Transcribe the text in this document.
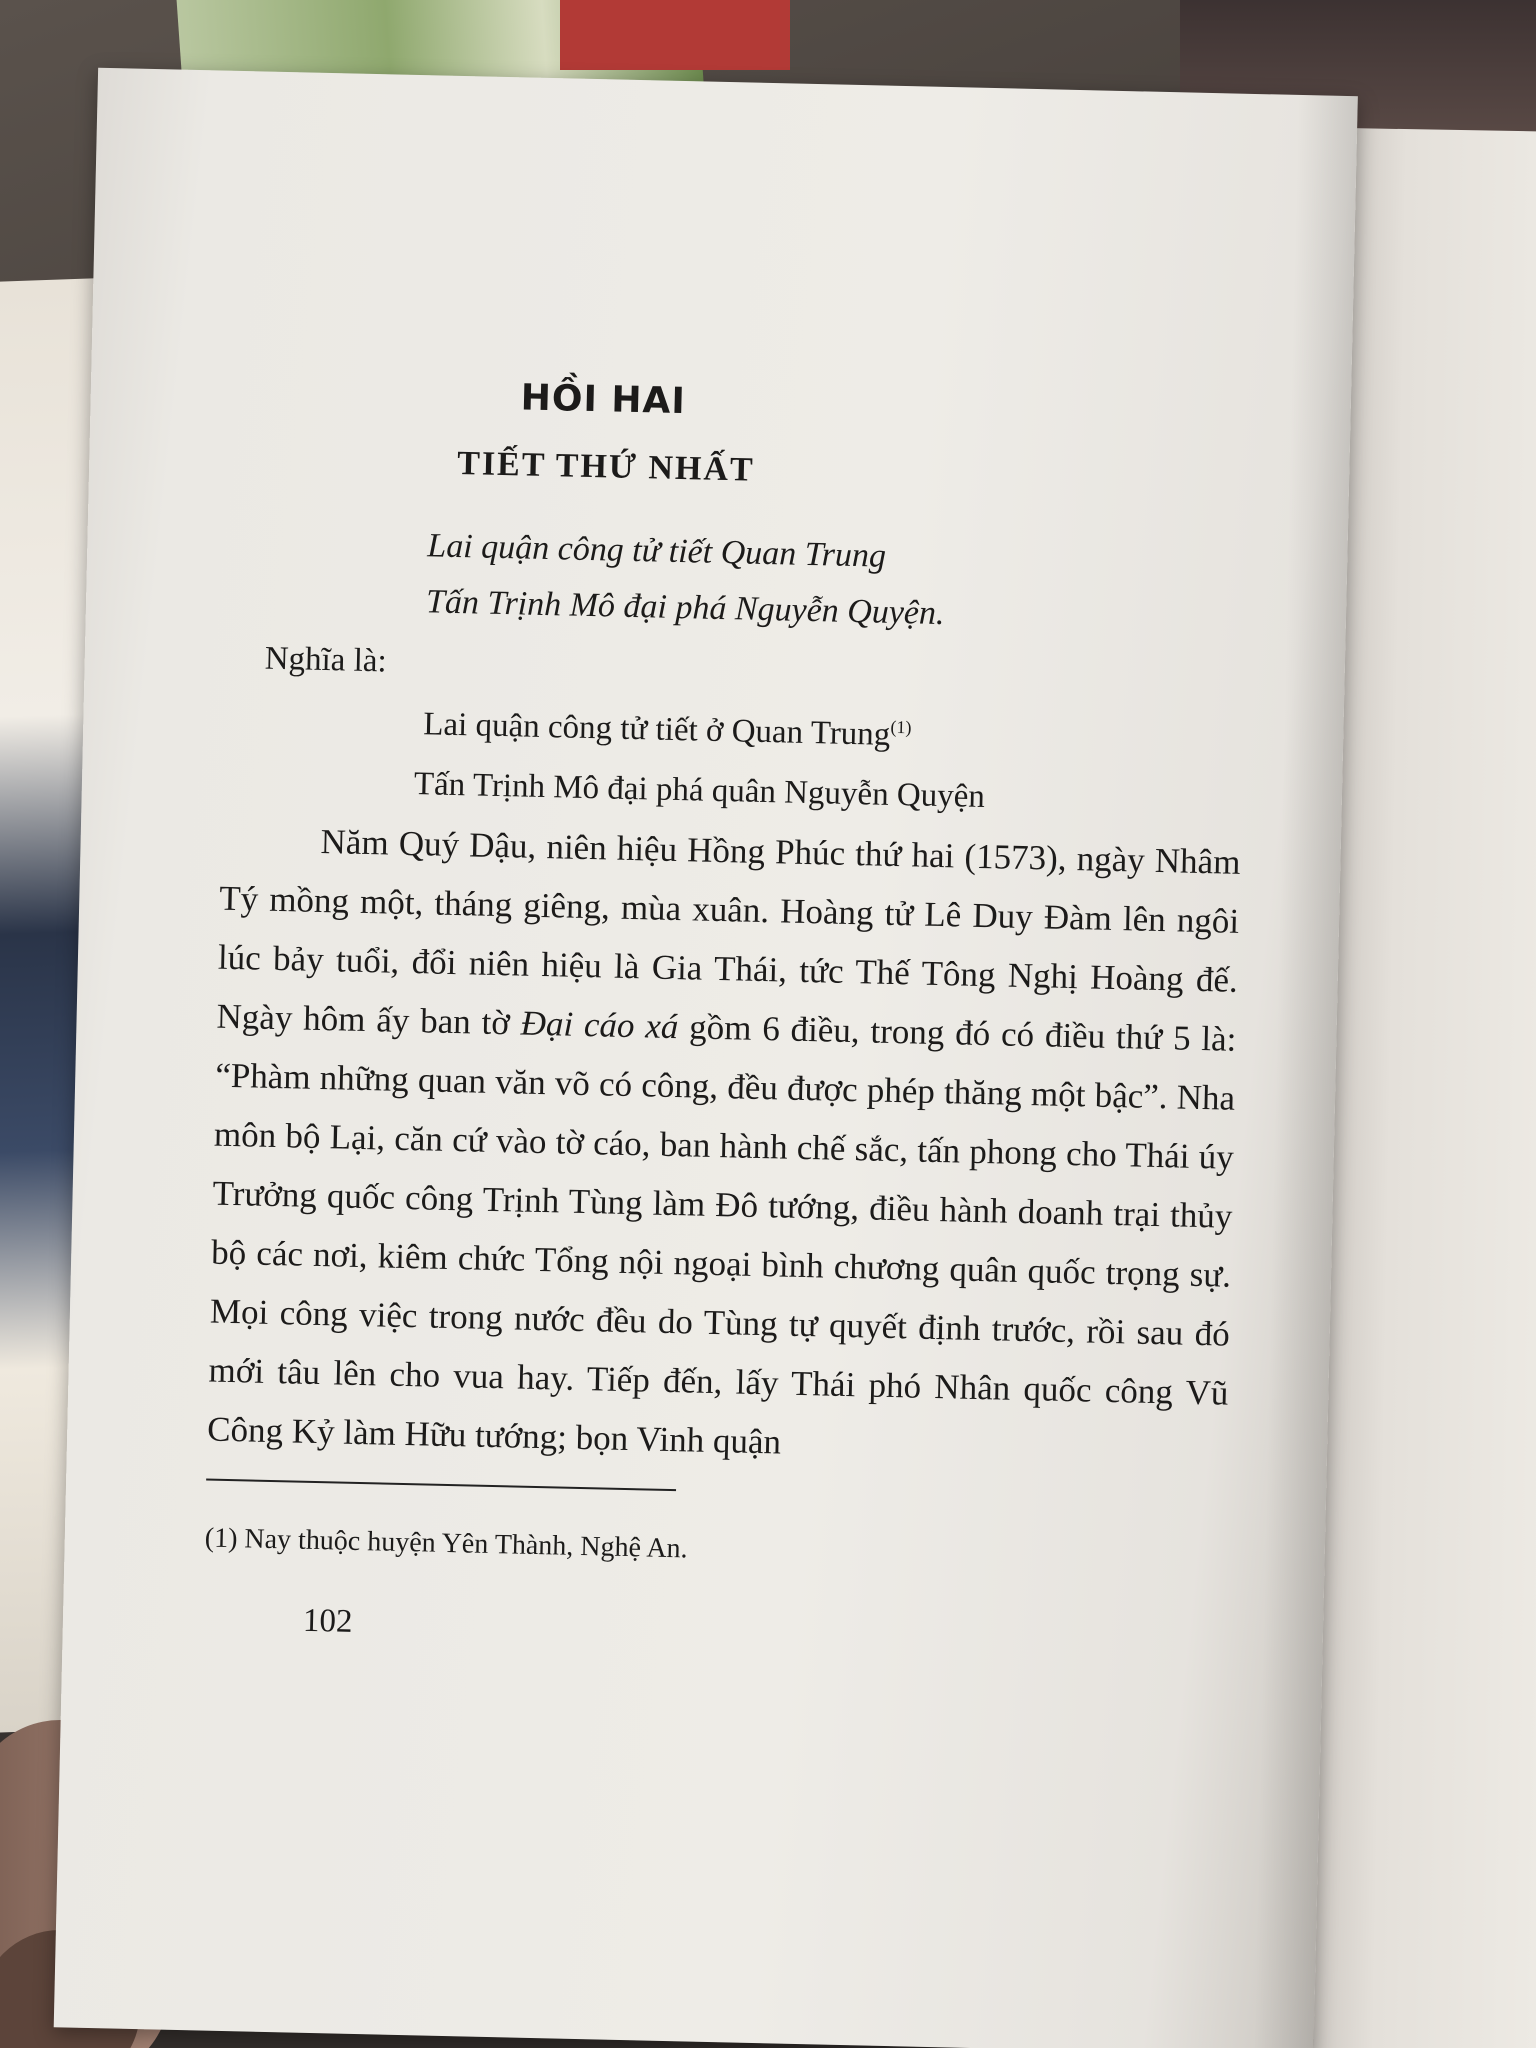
HỒI HAI
TIẾT THỨ NHẤT
Lai quận công tử tiết Quan Trung
Tấn Trịnh Mô đại phá Nguyễn Quyện.
Nghĩa là:
Lai quận công tử tiết ở Quan Trung$^{(1)}$
Tấn Trịnh Mô đại phá quân Nguyễn Quyện

Năm Quý Dậu, niên hiệu Hồng Phúc thứ hai (1573), ngày Nhâm Tý mồng một, tháng giêng, mùa xuân. Hoàng tử Lê Duy Đàm lên ngôi lúc bảy tuổi, đổi niên hiệu là Gia Thái, tức Thế Tông Nghị Hoàng đế. Ngày hôm ấy ban tờ Đại cáo xá gồm 6 điều, trong đó có điều thứ 5 là: “Phàm những quan văn võ có công, đều được phép thăng một bậc”. Nha môn bộ Lại, căn cứ vào tờ cáo, ban hành chế sắc, tấn phong cho Thái úy Trưởng quốc công Trịnh Tùng làm Đô tướng, điều hành doanh trại thủy bộ các nơi, kiêm chức Tổng nội ngoại bình chương quân quốc trọng sự. Mọi công việc trong nước đều do Tùng tự quyết định trước, rồi sau đó mới tâu lên cho vua hay. Tiếp đến, lấy Thái phó Nhân quốc công Vũ Công Kỷ làm Hữu tướng; bọn Vinh quận

(1) Nay thuộc huyện Yên Thành, Nghệ An.
102
